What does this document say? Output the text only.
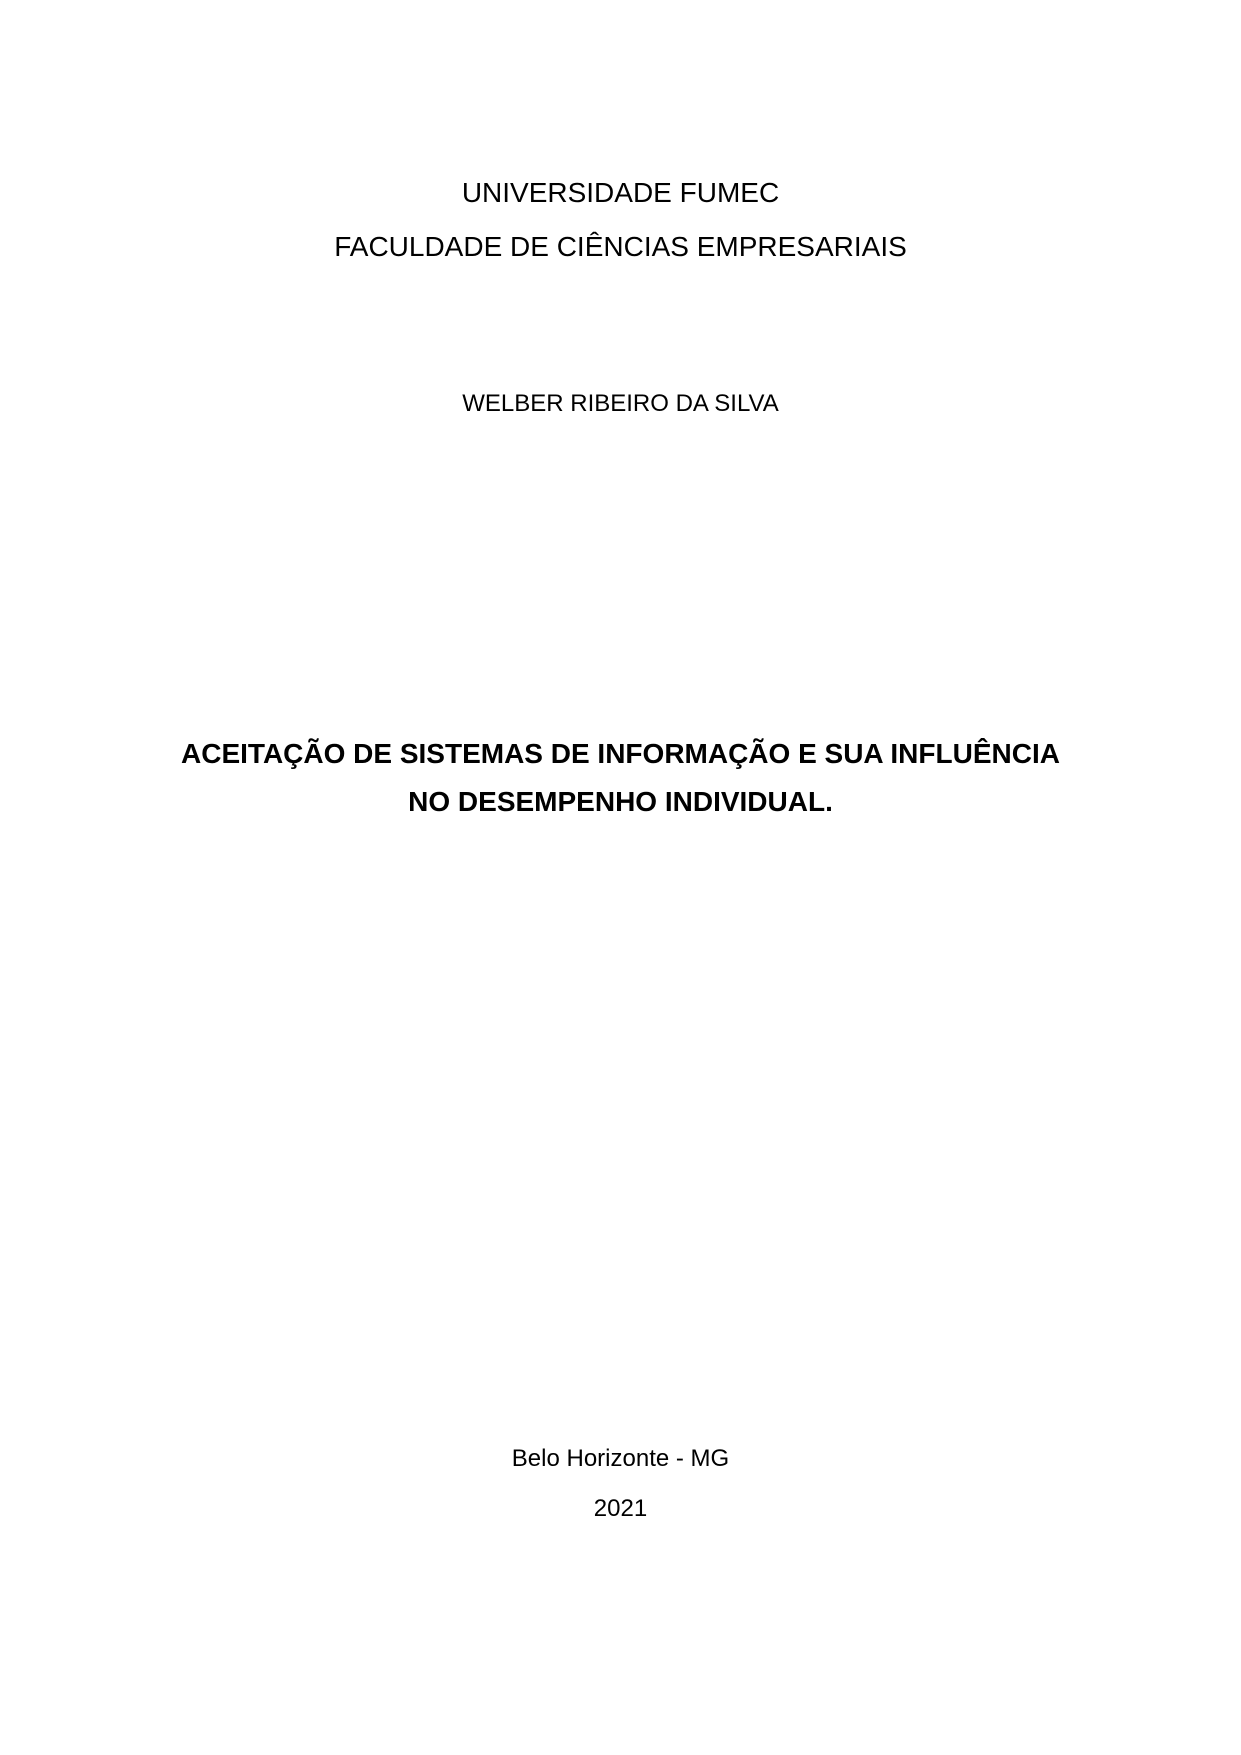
UNIVERSIDADE FUMEC

FACULDADE DE CIÊNCIAS EMPRESARIAIS

WELBER RIBEIRO DA SILVA

ACEITAÇÃO DE SISTEMAS DE INFORMAÇÃO E SUA INFLUÊNCIA

NO DESEMPENHO INDIVIDUAL.

Belo Horizonte - MG

2021
